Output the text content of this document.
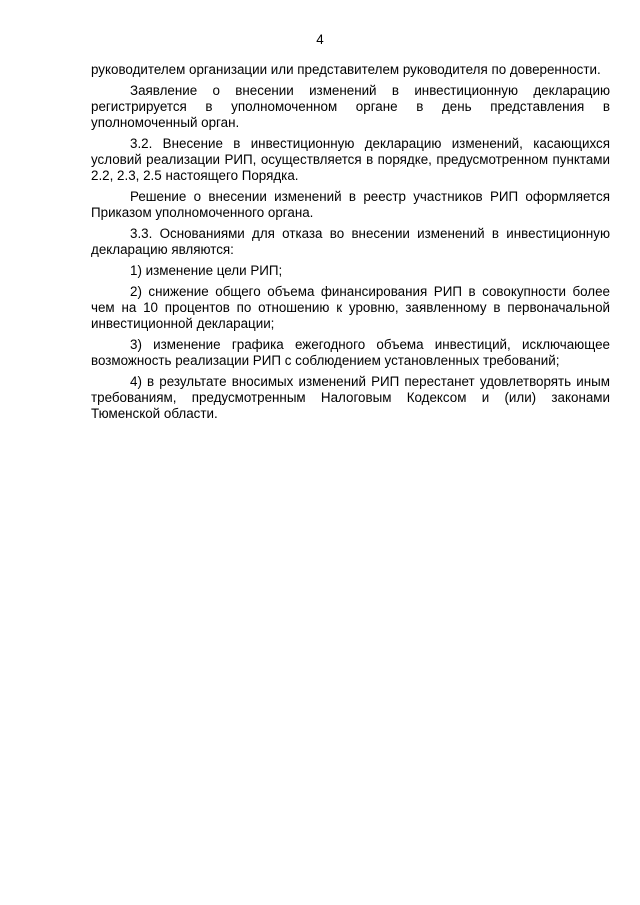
4

руководителем организации или представителем руководителя по доверенности.

Заявление о внесении изменений в инвестиционную декларацию регистрируется в уполномоченном органе в день представления в уполномоченный орган.

3.2. Внесение в инвестиционную декларацию изменений, касающихся условий реализации РИП, осуществляется в порядке, предусмотренном пунктами 2.2, 2.3, 2.5 настоящего Порядка.

Решение о внесении изменений в реестр участников РИП оформляется Приказом уполномоченного органа.

3.3. Основаниями для отказа во внесении изменений в инвестиционную декларацию являются:

1) изменение цели РИП;

2) снижение общего объема финансирования РИП в совокупности более чем на 10 процентов по отношению к уровню, заявленному в первоначальной инвестиционной декларации;

3) изменение графика ежегодного объема инвестиций, исключающее возможность реализации РИП с соблюдением установленных требований;

4) в результате вносимых изменений РИП перестанет удовлетворять иным требованиям, предусмотренным Налоговым Кодексом и (или) законами Тюменской области.
